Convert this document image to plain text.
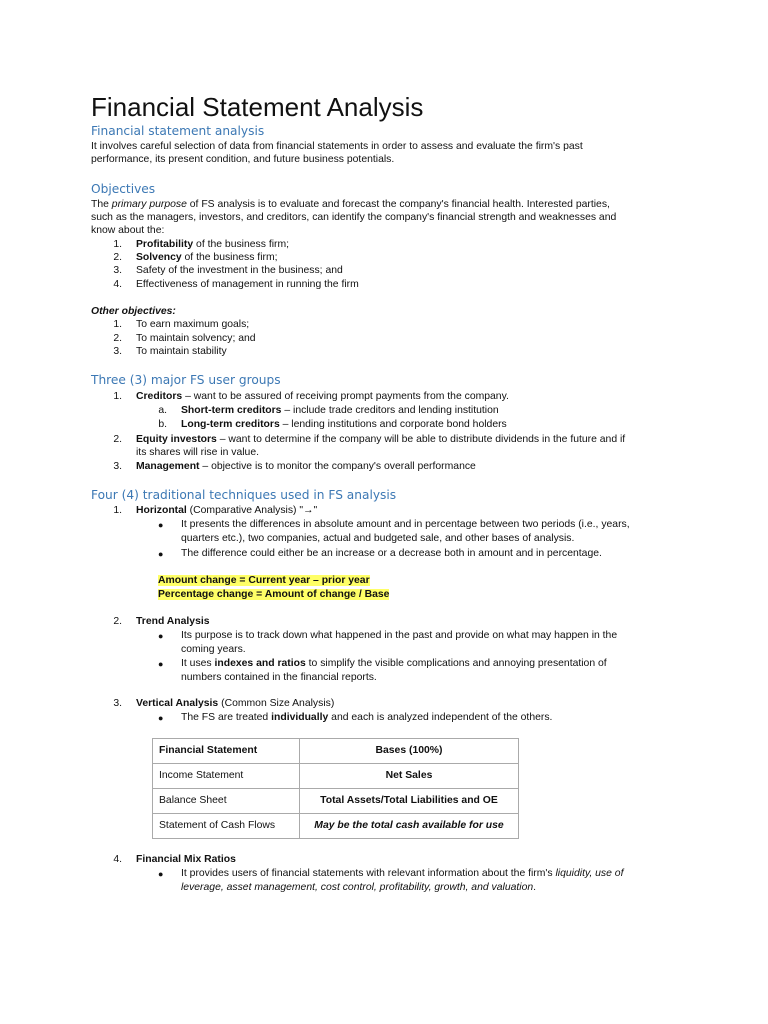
Financial Statement Analysis
Financial statement analysis
It involves careful selection of data from financial statements in order to assess and evaluate the firm's past
performance, its present condition, and future business potentials.
Objectives
The primary purpose of FS analysis is to evaluate and forecast the company's financial health. Interested parties,
such as the managers, investors, and creditors, can identify the company's financial strength and weaknesses and
know about the:
1. Profitability of the business firm;
2. Solvency of the business firm;
3. Safety of the investment in the business; and
4. Effectiveness of management in running the firm
Other objectives:
1. To earn maximum goals;
2. To maintain solvency; and
3. To maintain stability
Three (3) major FS user groups
1. Creditors – want to be assured of receiving prompt payments from the company.
a. Short-term creditors – include trade creditors and lending institution
b. Long-term creditors – lending institutions and corporate bond holders
2. Equity investors – want to determine if the company will be able to distribute dividends in the future and if
its shares will rise in value.
3. Management – objective is to monitor the company's overall performance
Four (4) traditional techniques used in FS analysis
1. Horizontal (Comparative Analysis) "→"
● It presents the differences in absolute amount and in percentage between two periods (i.e., years,
quarters etc.), two companies, actual and budgeted sale, and other bases of analysis.
● The difference could either be an increase or a decrease both in amount and in percentage.
Amount change = Current year – prior year
Percentage change = Amount of change / Base
2. Trend Analysis
● Its purpose is to track down what happened in the past and provide on what may happen in the
coming years.
● It uses indexes and ratios to simplify the visible complications and annoying presentation of
numbers contained in the financial reports.
3. Vertical Analysis (Common Size Analysis)
● The FS are treated individually and each is analyzed independent of the others.
Financial Statement	Bases (100%)
Income Statement	Net Sales
Balance Sheet	Total Assets/Total Liabilities and OE
Statement of Cash Flows	May be the total cash available for use
4. Financial Mix Ratios
● It provides users of financial statements with relevant information about the firm's liquidity, use of
leverage, asset management, cost control, profitability, growth, and valuation.
